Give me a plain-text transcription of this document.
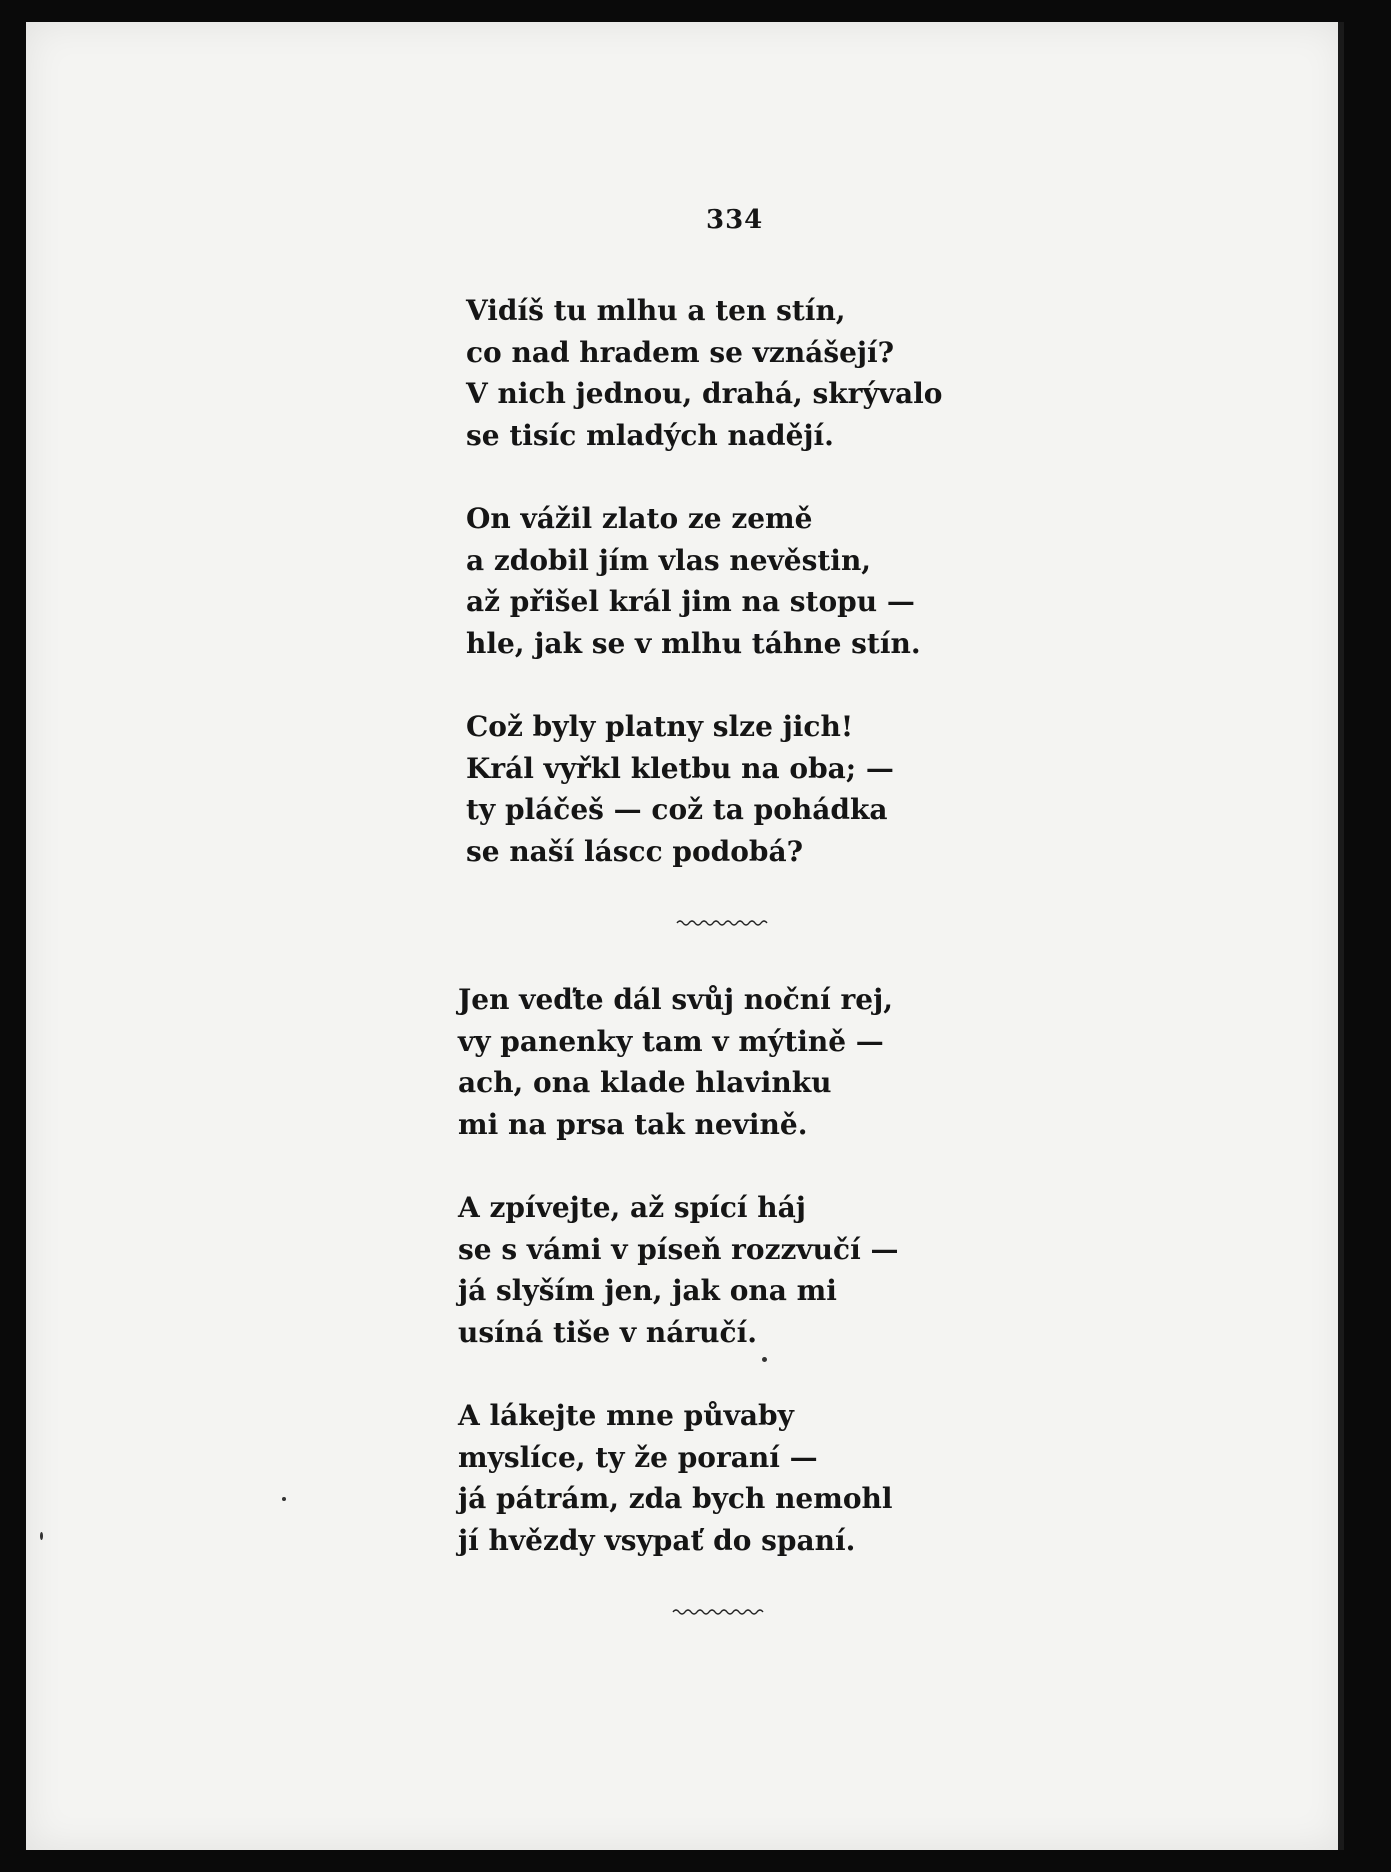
334
Vidíš tu mlhu a ten stín,
co nad hradem se vznášejí?
V nich jednou, drahá, skrývalo
se tisíc mladých nadějí.
On vážil zlato ze země
a zdobil jím vlas nevěstin,
až přišel král jim na stopu —
hle, jak se v mlhu táhne stín.
Což byly platny slze jich!
Král vyřkl kletbu na oba; —
ty pláčeš — což ta pohádka
se naší láscc podobá?
Jen veďte dál svůj noční rej,
vy panenky tam v mýtině —
ach, ona klade hlavinku
mi na prsa tak nevině.
A zpívejte, až spící háj
se s vámi v píseň rozzvučí —
já slyším jen, jak ona mi
usíná tiše v náručí.
A lákejte mne půvaby
myslíce, ty že poraní —
já pátrám, zda bych nemohl
jí hvězdy vsypať do spaní.
